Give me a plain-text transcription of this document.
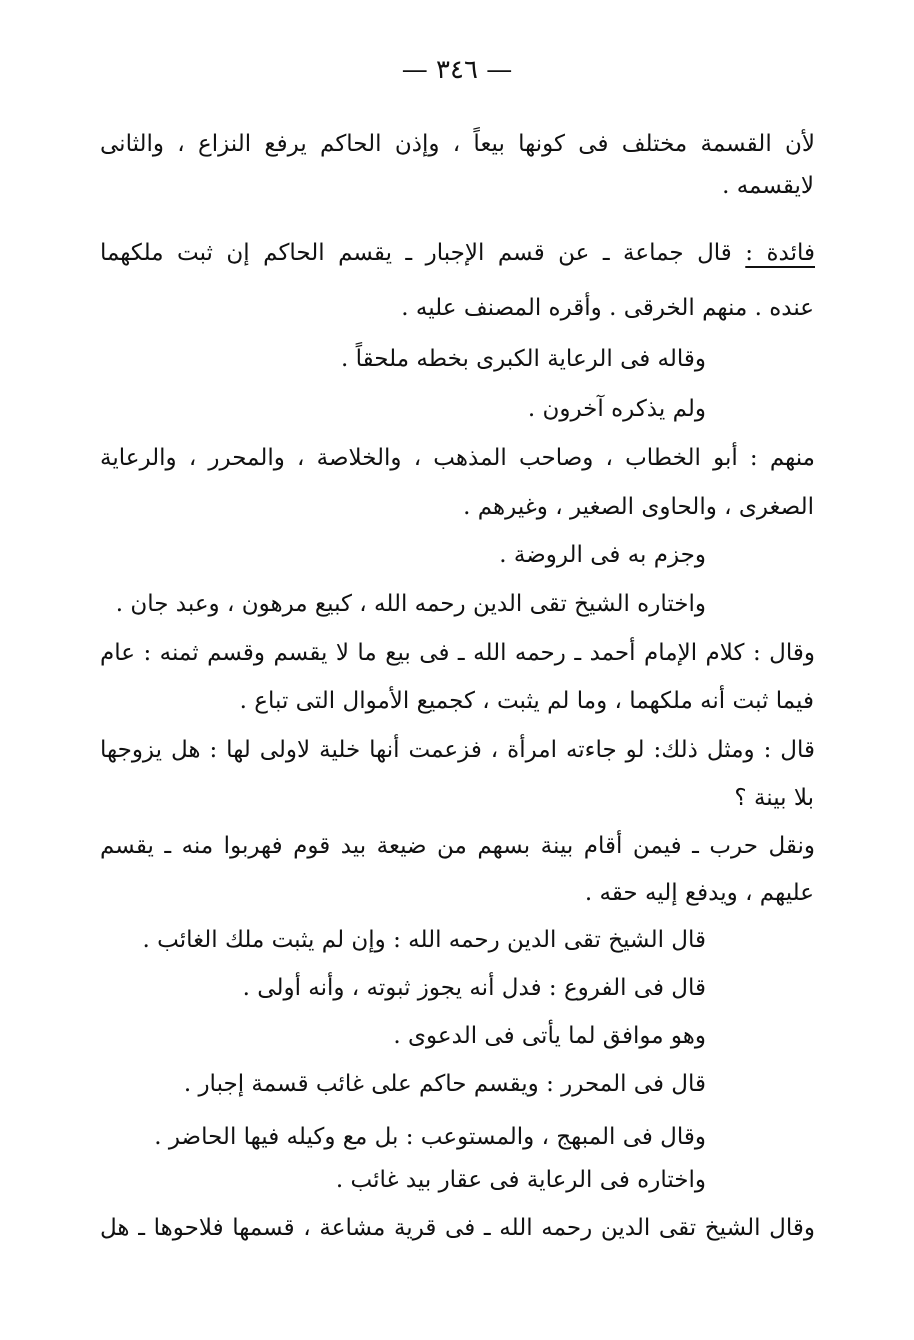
— ٣٤٦ —
لأن القسمة مختلف فى كونها بيعاً ، وإذن الحاكم يرفع النزاع ، والثانى
لايقسمه .
فائدة : قال جماعة ـ عن قسم الإجبار ـ يقسم الحاكم إن ثبت ملكهما
عنده . منهم الخرقى . وأقره المصنف عليه .
وقاله فى الرعاية الكبرى بخطه ملحقاً .
ولم يذكره آخرون .
منهم : أبو الخطاب ، وصاحب المذهب ، والخلاصة ، والمحرر ، والرعاية
الصغرى ، والحاوى الصغير ، وغيرهم .
وجزم به فى الروضة .
واختاره الشيخ تقى الدين رحمه الله ، كبيع مرهون ، وعبد جان .
وقال : كلام الإمام أحمد ـ رحمه الله ـ فى بيع ما لا يقسم وقسم ثمنه : عام
فيما ثبت أنه ملكهما ، وما لم يثبت ، كجميع الأموال التى تباع .
قال : ومثل ذلك: لو جاءته امرأة ، فزعمت أنها خلية لاولى لها : هل يزوجها
بلا بينة ؟
ونقل حرب ـ فيمن أقام بينة بسهم من ضيعة بيد قوم فهربوا منه ـ يقسم
عليهم ، ويدفع إليه حقه .
قال الشيخ تقى الدين رحمه الله : وإن لم يثبت ملك الغائب .
قال فى الفروع : فدل أنه يجوز ثبوته ، وأنه أولى .
وهو موافق لما يأتى فى الدعوى .
قال فى المحرر : ويقسم حاكم على غائب قسمة إجبار .
وقال فى المبهج ، والمستوعب : بل مع وكيله فيها الحاضر .
واختاره فى الرعاية فى عقار بيد غائب .
وقال الشيخ تقى الدين رحمه الله ـ فى قرية مشاعة ، قسمها فلاحوها ـ هل
